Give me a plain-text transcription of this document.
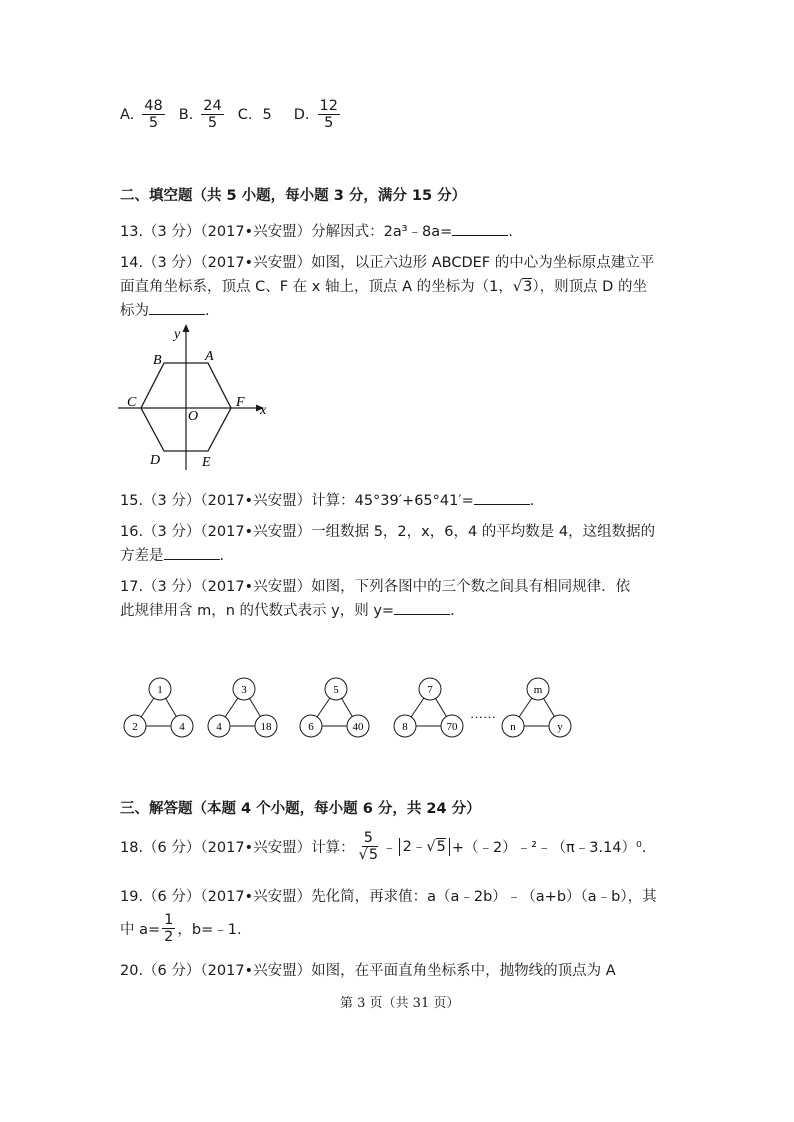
A. $\frac{48}{5} B$. $\frac{24}{5} C$. 5 D. $\frac{12}{5}$
二、填空题（共 5 小题，每小题 3 分，满分 15 分）
13.（3 分）（2017•兴安盟）分解因式：2a³﹣8a=	.
14.（3 分）（2017•兴安盟）如图，以正六边形 ABCDEF 的中心为坐标原点建立平
面直角坐标系，顶点 C、F 在 x 轴上，顶点 A 的坐标为（1，√3），则顶点 D 的坐
标为	.
y
x
A
B
C	F
O
D	E
15.（3 分）（2017•兴安盟）计算：45°39′+65°41′=	.
16.（3 分）（2017•兴安盟）一组数据 5，2，x，6，4 的平均数是 4，这组数据的
方差是	.
17.（3 分）（2017•兴安盟）如图，下列各图中的三个数之间具有相同规律．依
此规律用含 m，n 的代数式表示 y，则 y=	.
1
2	4
3
4	18
5
6	40
7
8	70
m
n	y
……
三、解答题（本题 4 个小题，每小题 6 分，共 24 分）
18.（6 分）（2017•兴安盟）计算： $\frac{5}{√5}$ ﹣ 2﹣√5 +（﹣2）﹣²﹣（π﹣3.14）⁰.
19.（6 分）（2017•兴安盟）先化简，再求值：a（a﹣2b）﹣（a+b）（a﹣b），其
中 $a= \frac{1}{2}$ ，b=﹣1.
20.（6 分）（2017•兴安盟）如图，在平面直角坐标系中，抛物线的顶点为 A
第 3 页（共 31 页）
